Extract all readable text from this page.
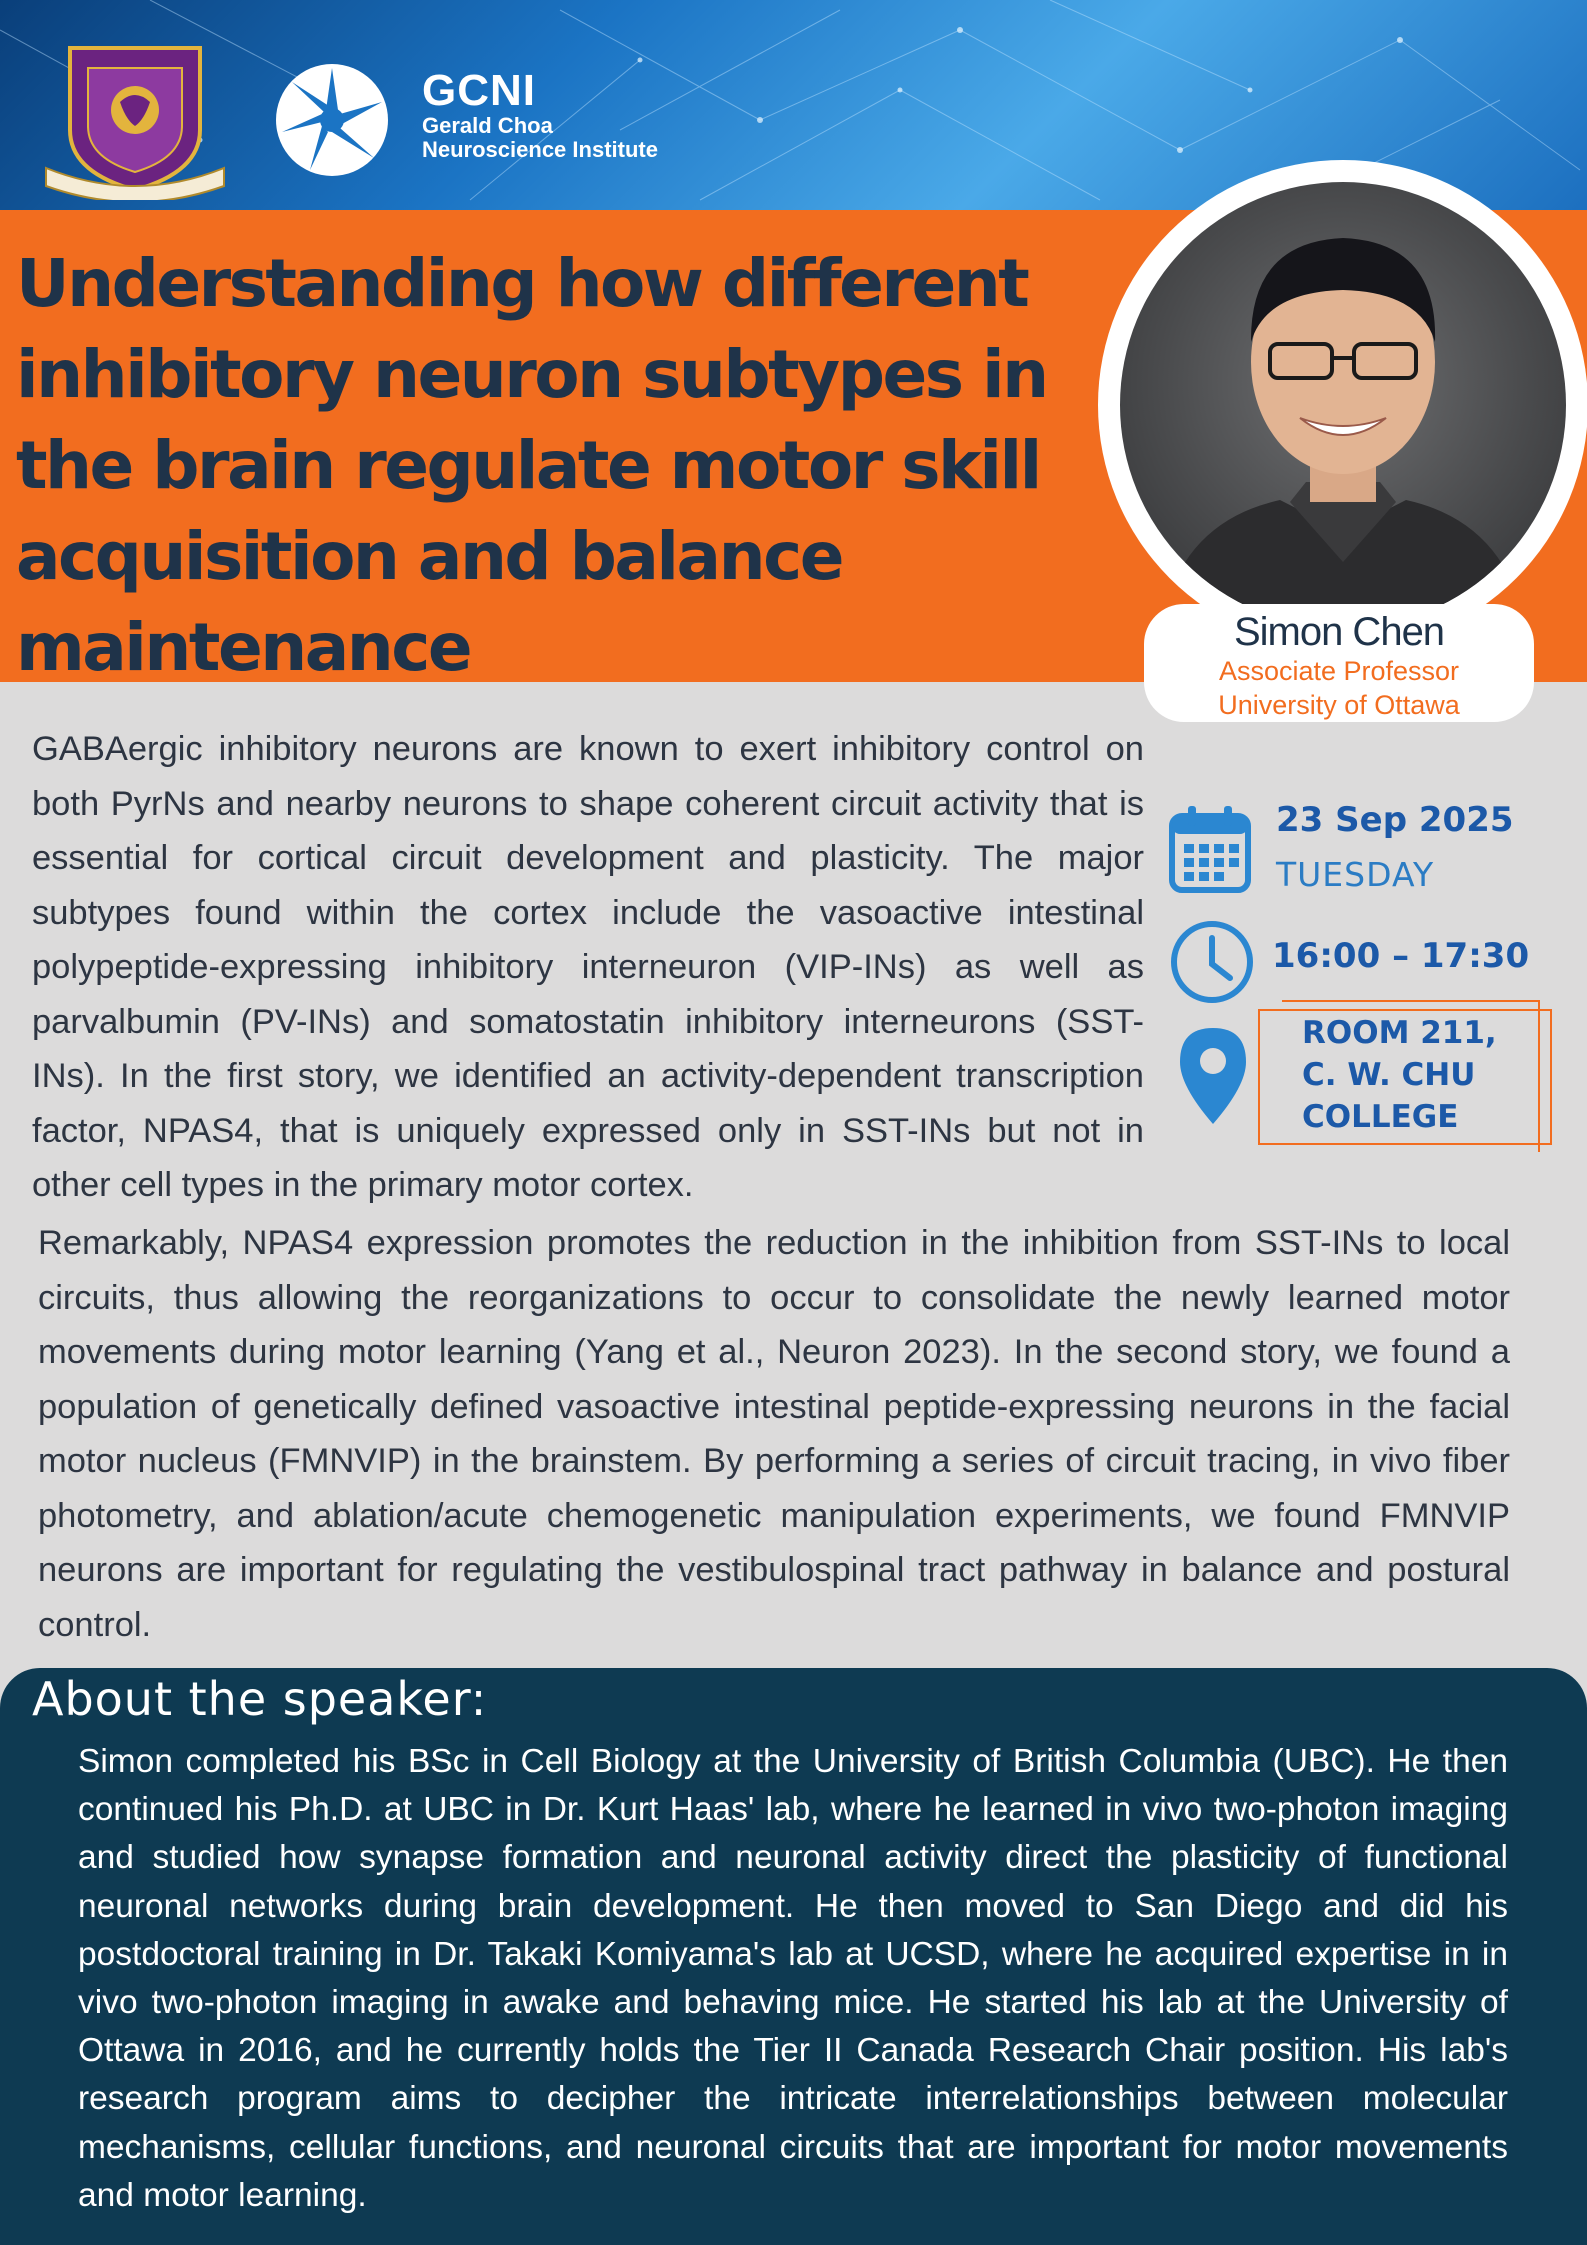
GCNI
Gerald Choa
Neuroscience Institute
Understanding how different inhibitory neuron subtypes in the brain regulate motor skill acquisition and balance maintenance	Simon Chen
Associate Professor
University of Ottawa

GABAergic inhibitory neurons are known to exert inhibitory control on both PyrNs and nearby neurons to shape coherent circuit activity that is essential for cortical circuit development and plasticity. The major subtypes found within the cortex include the vasoactive intestinal polypeptide-expressing inhibitory interneuron (VIP-INs) as well as parvalbumin (PV-INs) and somatostatin inhibitory interneurons (SST-INs). In the first story, we identified an activity-dependent transcription factor, NPAS4, that is uniquely expressed only in SST-INs but not in other cell types in the primary motor cortex.

Remarkably, NPAS4 expression promotes the reduction in the inhibition from SST-INs to local circuits, thus allowing the reorganizations to occur to consolidate the newly learned motor movements during motor learning (Yang et al., Neuron 2023). In the second story, we found a population of genetically defined vasoactive intestinal peptide-expressing neurons in the facial motor nucleus (FMNVIP) in the brainstem. By performing a series of circuit tracing, in vivo fiber photometry, and ablation/acute chemogenetic manipulation experiments, we found FMNVIP neurons are important for regulating the vestibulospinal tract pathway in balance and postural control.

23 Sep 2025
TUESDAY
16:00 – 17:30

ROOM 211,
C. W. CHU
COLLEGE

About the speaker:

Simon completed his BSc in Cell Biology at the University of British Columbia (UBC). He then continued his Ph.D. at UBC in Dr. Kurt Haas' lab, where he learned in vivo two-photon imaging and studied how synapse formation and neuronal activity direct the plasticity of functional neuronal networks during brain development. He then moved to San Diego and did his postdoctoral training in Dr. Takaki Komiyama's lab at UCSD, where he acquired expertise in in vivo two-photon imaging in awake and behaving mice. He started his lab at the University of Ottawa in 2016, and he currently holds the Tier II Canada Research Chair position. His lab's research program aims to decipher the intricate interrelationships between molecular mechanisms, cellular functions, and neuronal circuits that are important for motor movements and motor learning.
